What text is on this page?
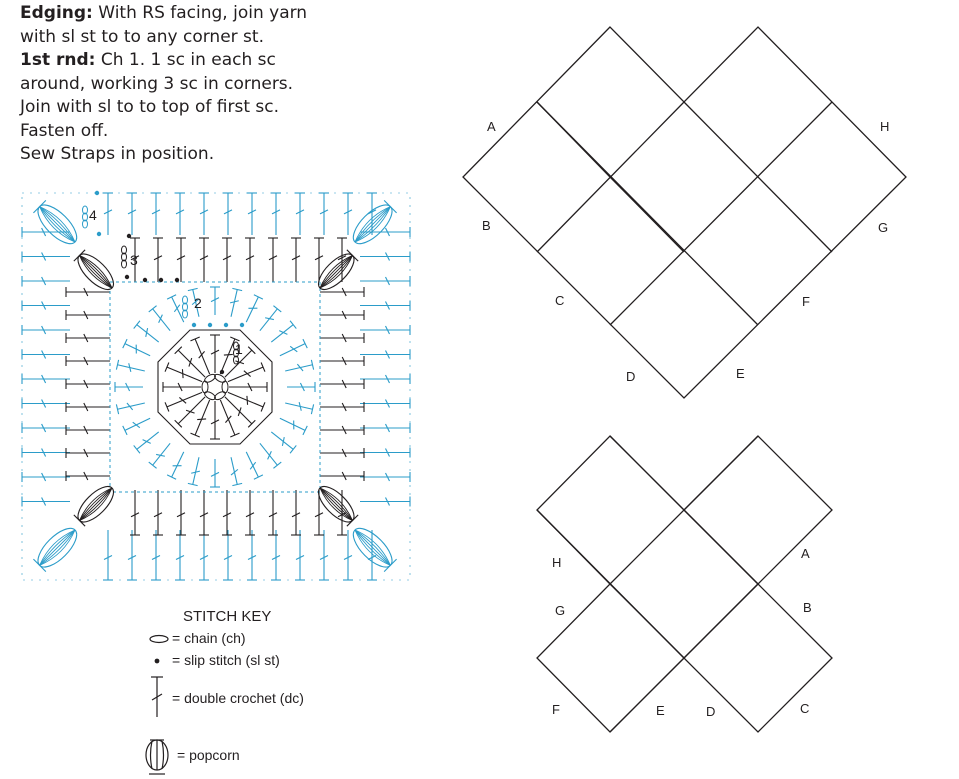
Edging: With RS facing, join yarn with sl st to to any corner st.

1st rnd: Ch 1. 1 sc in each sc around, working 3 sc in corners. Join with sl to to top of first sc.

Fasten off.

Sew Straps in position.

4
3
2
1
A	H
B	G
C	F
D	E
H
A
G	B
F	E	D	C
STITCH KEY
= chain (ch)
= slip stitch (sl st)
= double crochet (dc)
= popcorn
